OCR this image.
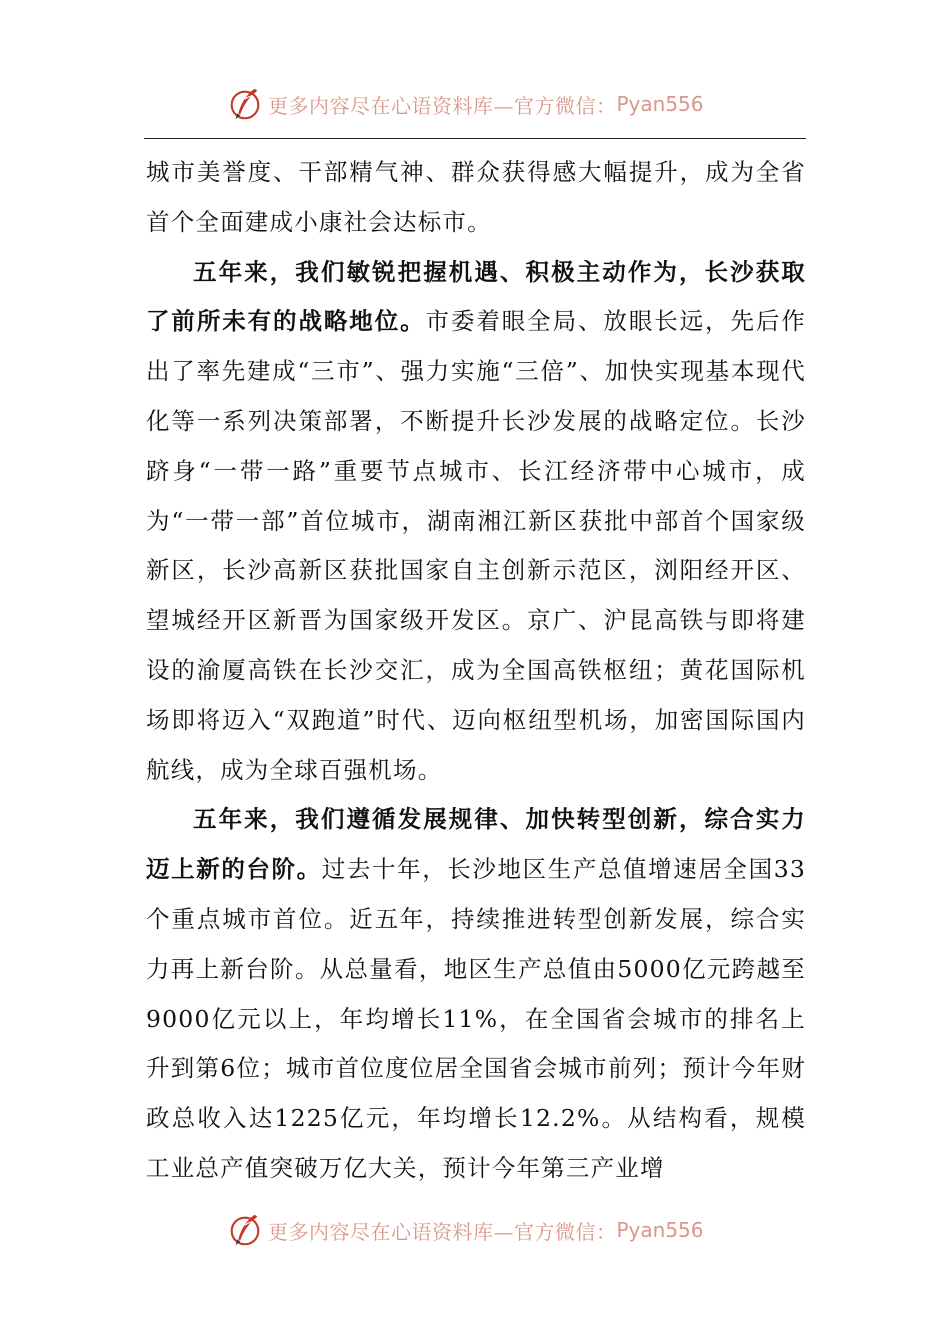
更多内容尽在心语资料库—官方微信： Pyan556

城市美誉度、干部精气神、群众获得感大幅提升，成为全省首个全面建成小康社会达标市。

五年来，我们敏锐把握机遇、积极主动作为，长沙获取了前所未有的战略地位。市委着眼全局、放眼长远，先后作出了率先建成“三市”、强力实施“三倍”、加快实现基本现代化等一系列决策部署，不断提升长沙发展的战略定位。长沙跻身“一带一路”重要节点城市、长江经济带中心城市，成为“一带一部”首位城市，湖南湘江新区获批中部首个国家级新区，长沙高新区获批国家自主创新示范区，浏阳经开区、望城经开区新晋为国家级开发区。京广、沪昆高铁与即将建设的渝厦高铁在长沙交汇，成为全国高铁枢纽；黄花国际机场即将迈入“双跑道”时代、迈向枢纽型机场，加密国际国内航线，成为全球百强机场。

五年来，我们遵循发展规律、加快转型创新，综合实力迈上新的台阶。过去十年，长沙地区生产总值增速居全国33个重点城市首位。近五年，持续推进转型创新发展，综合实力再上新台阶。从总量看，地区生产总值由5000亿元跨越至9000亿元以上，年均增长11%，在全国省会城市的排名上升到第6位；城市首位度位居全国省会城市前列；预计今年财政总收入达1225亿元，年均增长12.2%。从结构看，规模工业总产值突破万亿大关，预计今年第三产业增

更多内容尽在心语资料库—官方微信： Pyan556
